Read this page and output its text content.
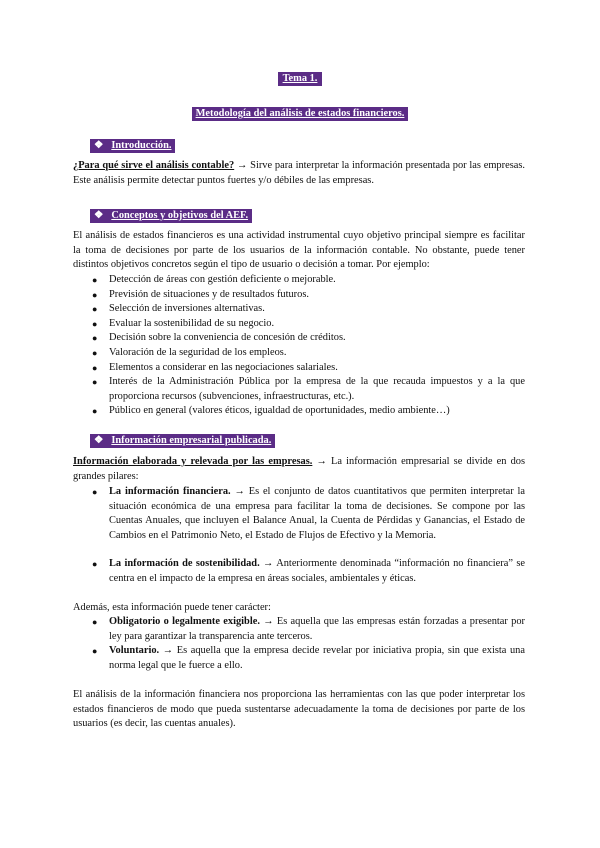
Tema 1.
Metodología del análisis de estados financieros.
❖ Introducción.
¿Para qué sirve el análisis contable? → Sirve para interpretar la información presentada por las empresas. Este análisis permite detectar puntos fuertes y/o débiles de las empresas.
❖ Conceptos y objetivos del AEF.
El análisis de estados financieros es una actividad instrumental cuyo objetivo principal siempre es facilitar la toma de decisiones por parte de los usuarios de la información contable. No obstante, puede tener distintos objetivos concretos según el tipo de usuario o decisión a tomar. Por ejemplo:
● Detección de áreas con gestión deficiente o mejorable.
● Previsión de situaciones y de resultados futuros.
● Selección de inversiones alternativas.
● Evaluar la sostenibilidad de su negocio.
● Decisión sobre la conveniencia de concesión de créditos.
● Valoración de la seguridad de los empleos.
● Elementos a considerar en las negociaciones salariales.
● Interés de la Administración Pública por la empresa de la que recauda impuestos y a la que proporciona recursos (subvenciones, infraestructuras, etc.).
● Público en general (valores éticos, igualdad de oportunidades, medio ambiente…)
❖ Información empresarial publicada.
Información elaborada y relevada por las empresas. → La información empresarial se divide en dos grandes pilares:
● La información financiera. → Es el conjunto de datos cuantitativos que permiten interpretar la situación económica de una empresa para facilitar la toma de decisiones. Se compone por las Cuentas Anuales, que incluyen el Balance Anual, la Cuenta de Pérdidas y Ganancias, el Estado de Cambios en el Patrimonio Neto, el Estado de Flujos de Efectivo y la Memoria.
● La información de sostenibilidad. → Anteriormente denominada “información no financiera” se centra en el impacto de la empresa en áreas sociales, ambientales y éticas.
Además, esta información puede tener carácter:
● Obligatorio o legalmente exigible. → Es aquella que las empresas están forzadas a presentar por ley para garantizar la transparencia ante terceros.
● Voluntario. → Es aquella que la empresa decide revelar por iniciativa propia, sin que exista una norma legal que le fuerce a ello.
El análisis de la información financiera nos proporciona las herramientas con las que poder interpretar los estados financieros de modo que pueda sustentarse adecuadamente la toma de decisiones por parte de los usuarios (es decir, las cuentas anuales).
